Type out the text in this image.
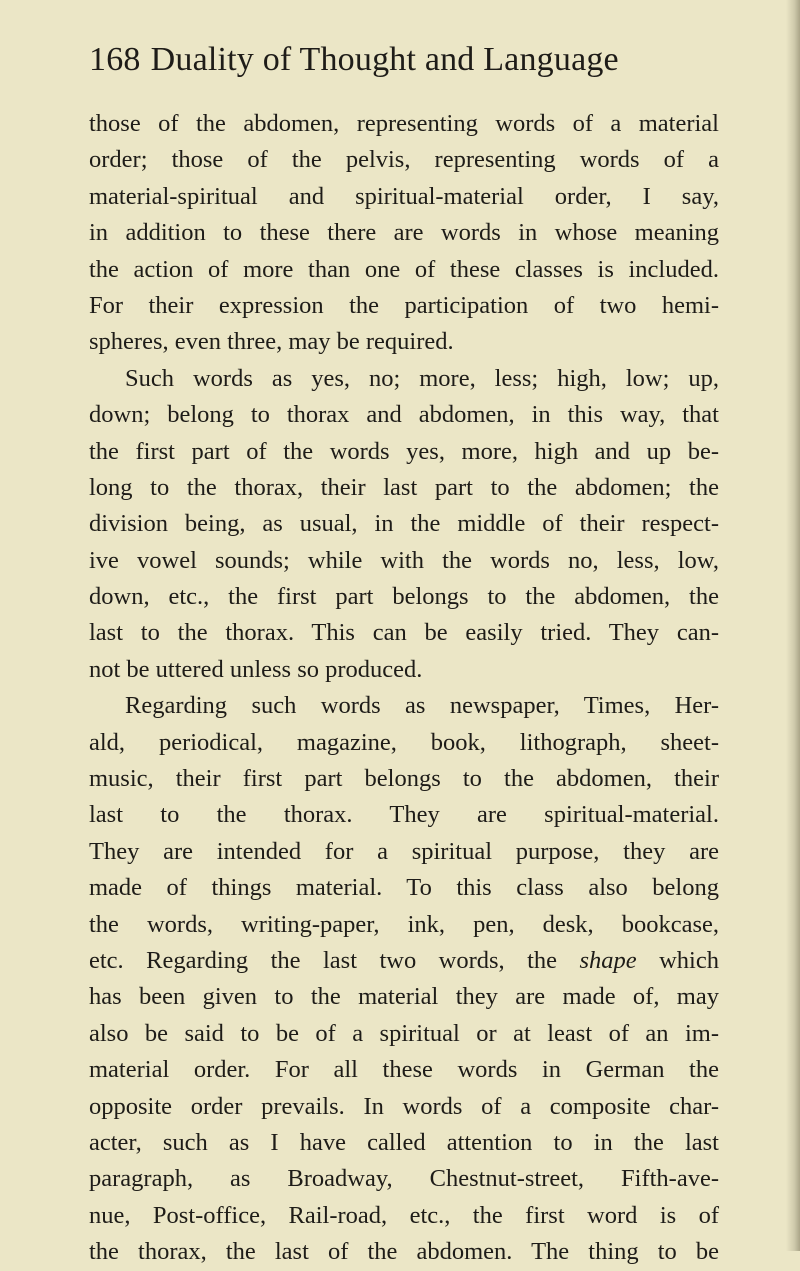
168 Duality of Thought and Language
those of the abdomen, representing words of a material
order; those of the pelvis, representing words of a
material-spiritual and spiritual-material order, I say,
in addition to these there are words in whose meaning
the action of more than one of these classes is included.
For their expression the participation of two hemi-
spheres, even three, may be required.
Such words as yes, no; more, less; high, low; up,
down; belong to thorax and abdomen, in this way, that
the first part of the words yes, more, high and up be-
long to the thorax, their last part to the abdomen; the
division being, as usual, in the middle of their respect-
ive vowel sounds; while with the words no, less, low,
down, etc., the first part belongs to the abdomen, the
last to the thorax. This can be easily tried. They can-
not be uttered unless so produced.
Regarding such words as newspaper, Times, Her-
ald, periodical, magazine, book, lithograph, sheet-
music, their first part belongs to the abdomen, their
last to the thorax. They are spiritual-material.
They are intended for a spiritual purpose, they are
made of things material. To this class also belong
the words, writing-paper, ink, pen, desk, bookcase,
etc. Regarding the last two words, the shape which
has been given to the material they are made of, may
also be said to be of a spiritual or at least of an im-
material order. For all these words in German the
opposite order prevails. In words of a composite char-
acter, such as I have called attention to in the last
paragraph, as Broadway, Chestnut-street, Fifth-ave-
nue, Post-office, Rail-road, etc., the first word is of
the thorax, the last of the abdomen. The thing to be
